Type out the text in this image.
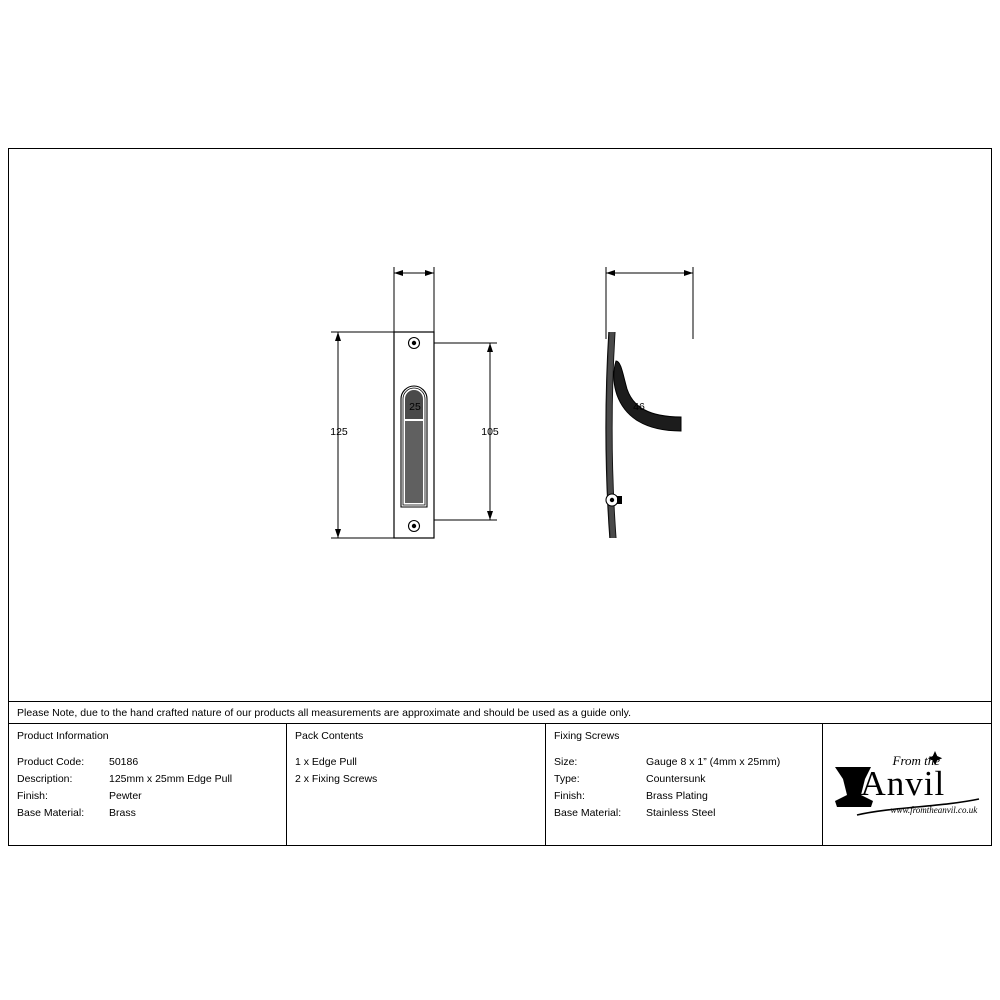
25
125	105
46
Please Note, due to the hand crafted nature of our products all measurements are approximate and should be used as a guide only.
Product Information
Product Code:	50186
Description:	125mm x 25mm Edge Pull
Finish:	Pewter
Base Material:	Brass
Pack Contents
1 x Edge Pull
2 x Fixing Screws
Fixing Screws
Size:	Gauge 8 x 1” (4mm x 25mm)
Type:	Countersunk
Finish:	Brass Plating
Base Material:	Stainless Steel
From the
Anvil
www.fromtheanvil.co.uk
